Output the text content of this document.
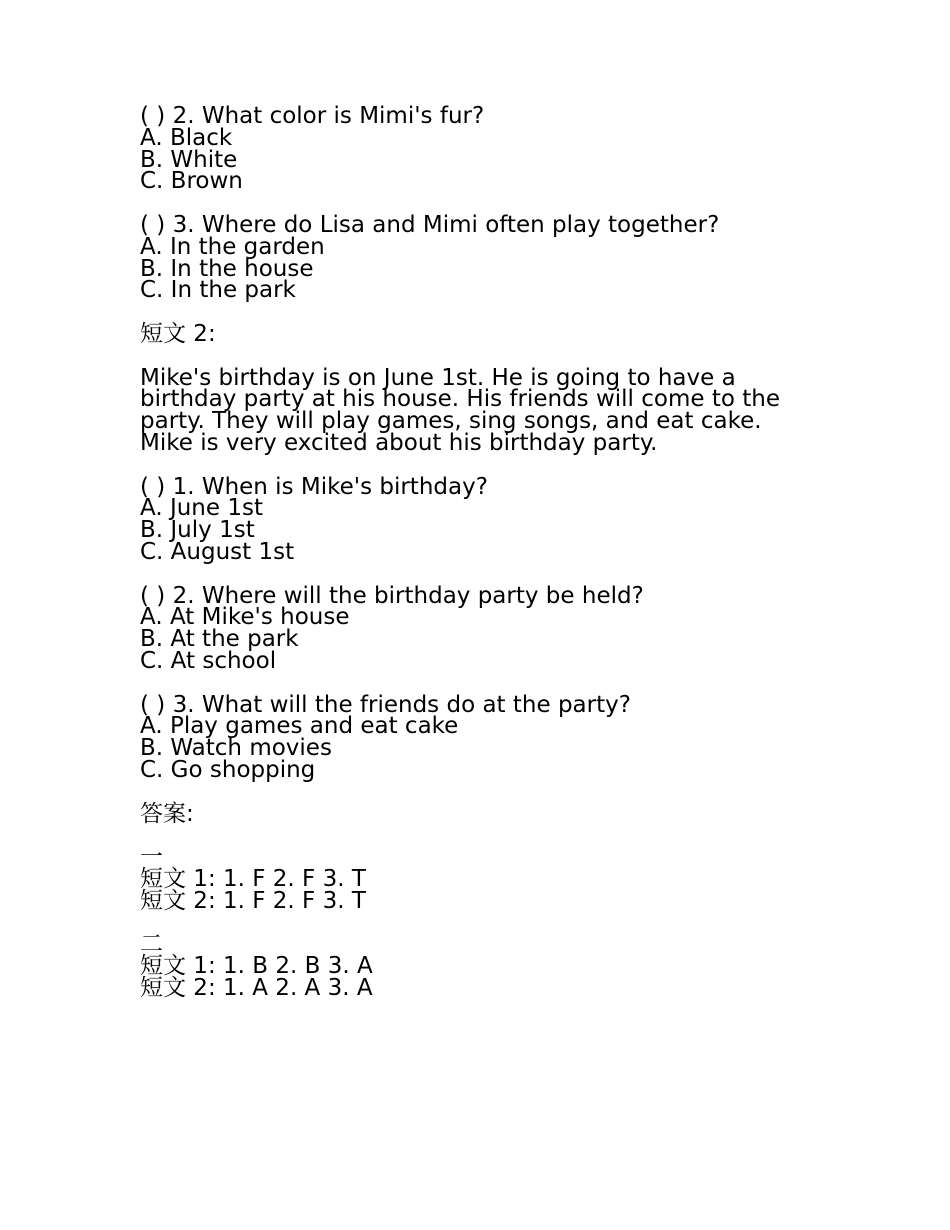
( ) 2. What color is Mimi's fur?
A. Black
B. White
C. Brown
( ) 3. Where do Lisa and Mimi often play together?
A. In the garden
B. In the house
C. In the park
短文 2:
Mike's birthday is on June 1st. He is going to have a
birthday party at his house. His friends will come to the
party. They will play games, sing songs, and eat cake.
Mike is very excited about his birthday party.
( ) 1. When is Mike's birthday?
A. June 1st
B. July 1st
C. August 1st
( ) 2. Where will the birthday party be held?
A. At Mike's house
B. At the park
C. At school
( ) 3. What will the friends do at the party?
A. Play games and eat cake
B. Watch movies
C. Go shopping
答案:
一
短文 1: 1. F 2. F 3. T
短文 2: 1. F 2. F 3. T
二
短文 1: 1. B 2. B 3. A
短文 2: 1. A 2. A 3. A
